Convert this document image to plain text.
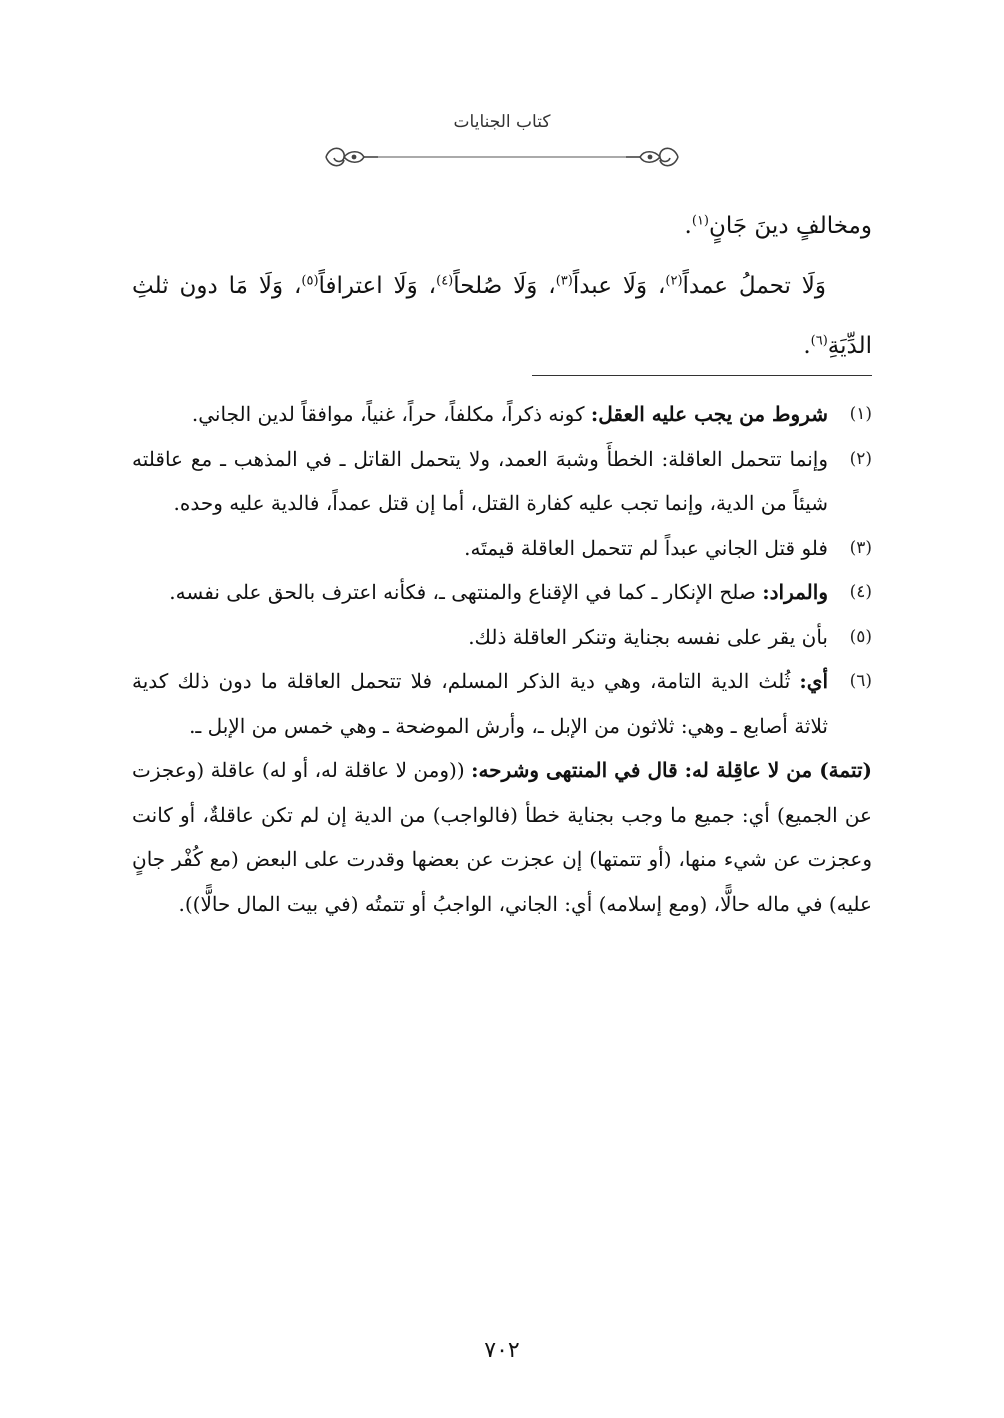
كتاب الجنايات

ومخالفٍ دينَ جَانٍ$^{(١)}$.

وَلَا تحملُ عمداً$^{(٢)}$، وَلَا عبداً$^{(٣)}$، وَلَا صُلحاً$^{(٤)}$، وَلَا اعترافاً$^{(٥)}$، وَلَا مَا دون ثلثِ الدِّيَةِ$^{(٦)}$.

(١)
شروط من يجب عليه العقل: كونه ذكراً، مكلفاً، حراً، غنياً، موافقاً لدين الجاني.
(٢)
وإنما تتحمل العاقلة: الخطأَ وشبهَ العمد، ولا يتحمل القاتل ـ في المذهب ـ مع عاقلته شيئاً من الدية، وإنما تجب عليه كفارة القتل، أما إن قتل عمداً، فالدية عليه وحده.
(٣)
فلو قتل الجاني عبداً لم تتحمل العاقلة قيمتَه.
(٤)
والمراد: صلح الإنكار ـ كما في الإقناع والمنتهى ـ، فكأنه اعترف بالحق على نفسه.
(٥)
بأن يقر على نفسه بجناية وتنكر العاقلة ذلك.
(٦)
أي: ثُلث الدية التامة، وهي دية الذكر المسلم، فلا تتحمل العاقلة ما دون ذلك كدية ثلاثة أصابع ـ وهي: ثلاثون من الإبل ـ، وأرش الموضحة ـ وهي خمس من الإبل ـ.

(تتمة) من لا عاقِلة له: قال في المنتهى وشرحه: ((ومن لا عاقلة له، أو له) عاقلة (وعجزت عن الجميع) أي: جميع ما وجب بجناية خطأ (فالواجب) من الدية إن لم تكن عاقلةٌ، أو كانت وعجزت عن شيء منها، (أو تتمتها) إن عجزت عن بعضها وقدرت على البعض (مع كُفْر جانٍ عليه) في ماله حالًّا، (ومع إسلامه) أي: الجاني، الواجبُ أو تتمتُه (في بيت المال حالًّا)).

٧٠٢
